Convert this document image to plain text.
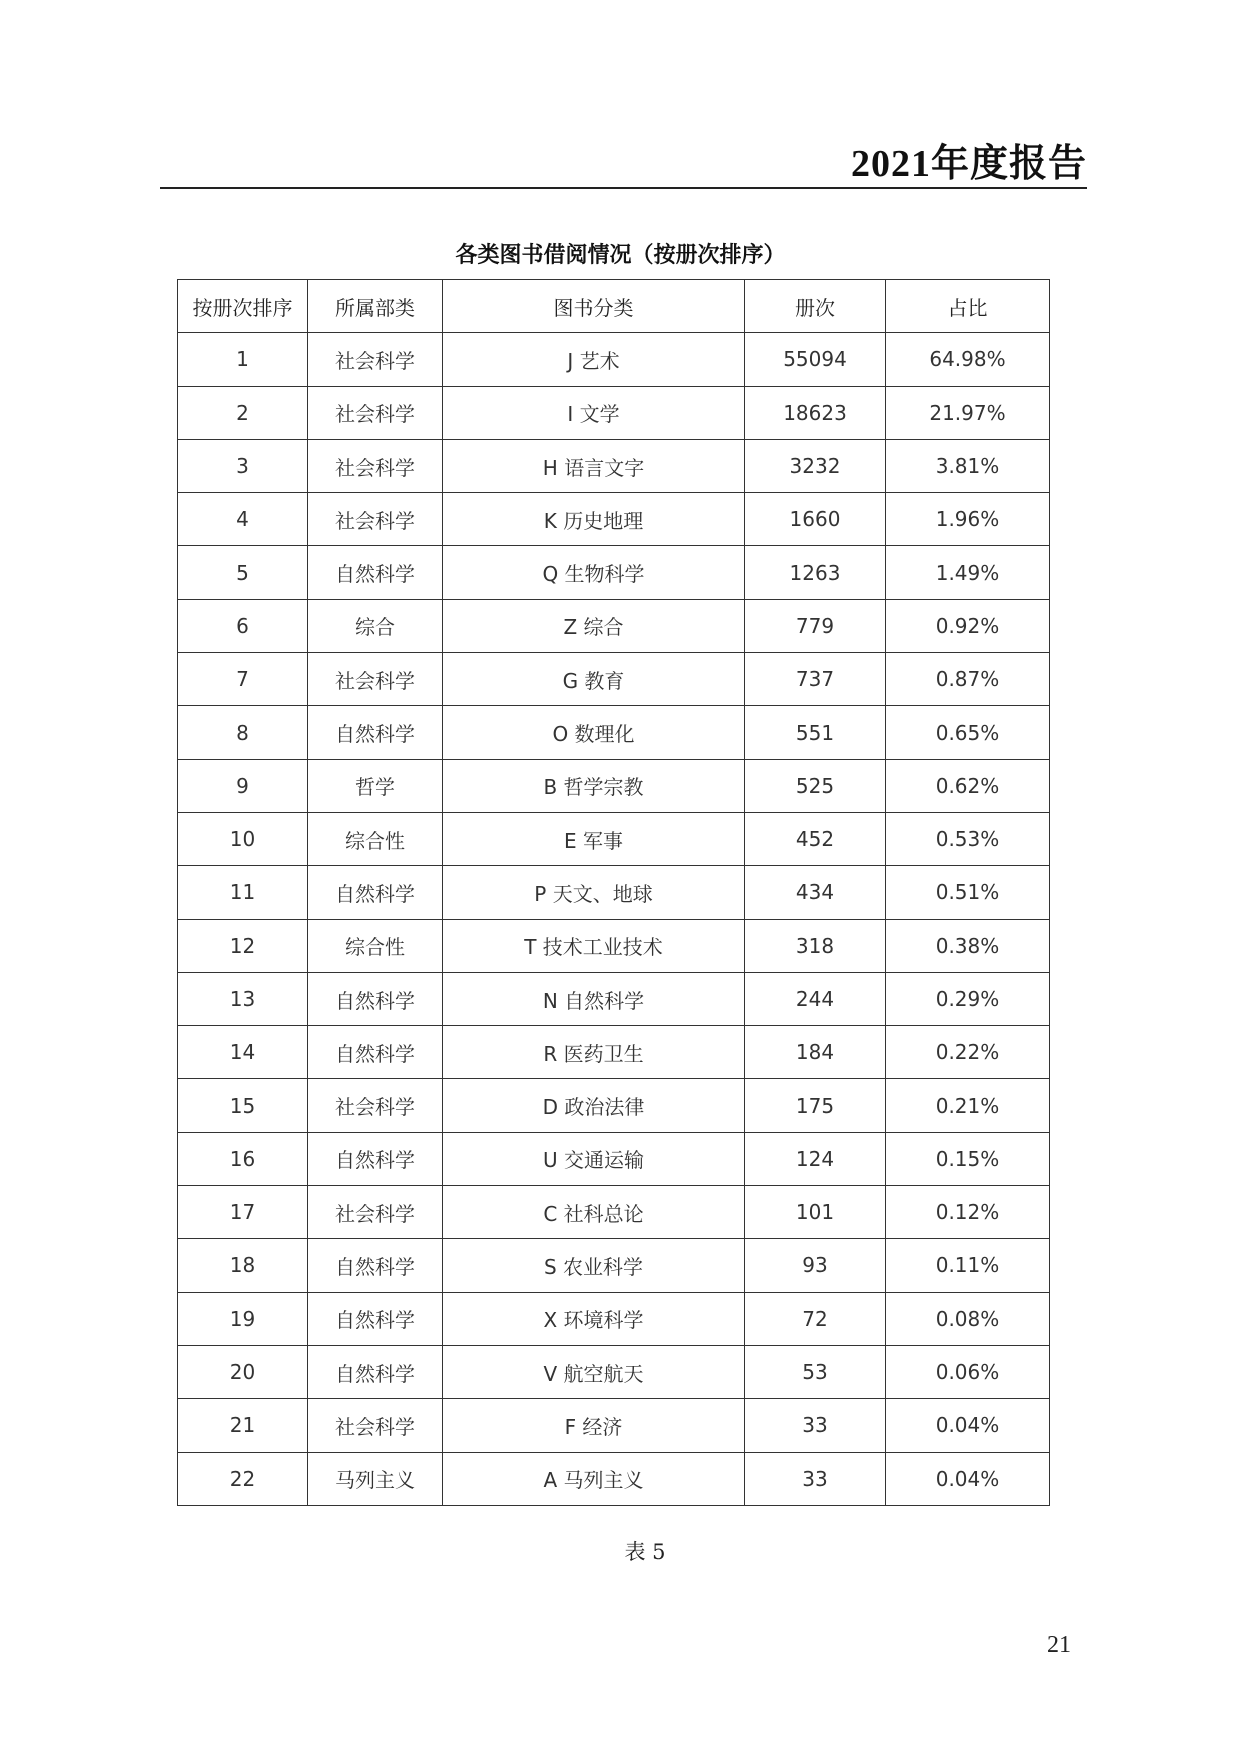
2021年度报告
各类图书借阅情况（按册次排序）
按册次排序	所属部类	图书分类	册次	占比
1	社会科学	J 艺术	55094	64.98%
2	社会科学	I 文学	18623	21.97%
3	社会科学	H 语言文字	3232	3.81%
4	社会科学	K 历史地理	1660	1.96%
5	自然科学	Q 生物科学	1263	1.49%
6	综合	Z 综合	779	0.92%
7	社会科学	G 教育	737	0.87%
8	自然科学	O 数理化	551	0.65%
9	哲学	B 哲学宗教	525	0.62%
10	综合性	E 军事	452	0.53%
11	自然科学	P 天文、地球	434	0.51%
12	综合性	T 技术工业技术	318	0.38%
13	自然科学	N 自然科学	244	0.29%
14	自然科学	R 医药卫生	184	0.22%
15	社会科学	D 政治法律	175	0.21%
16	自然科学	U 交通运输	124	0.15%
17	社会科学	C 社科总论	101	0.12%
18	自然科学	S 农业科学	93	0.11%
19	自然科学	X 环境科学	72	0.08%
20	自然科学	V 航空航天	53	0.06%
21	社会科学	F 经济	33	0.04%
22	马列主义	A 马列主义	33	0.04%
表 5
21
